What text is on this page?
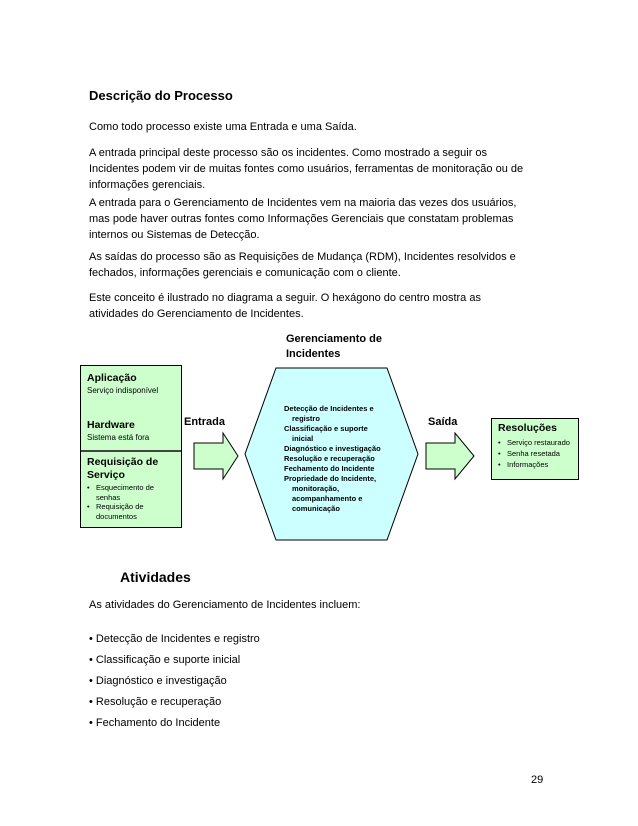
Descrição do Processo
Como todo processo existe uma Entrada e uma Saída.
A entrada principal deste processo são os incidentes. Como mostrado a seguir os
Incidentes podem vir de muitas fontes como usuários, ferramentas de monitoração ou de
informações gerenciais.
A entrada para o Gerenciamento de Incidentes vem na maioria das vezes dos usuários,
mas pode haver outras fontes como Informações Gerenciais que constatam problemas
internos ou Sistemas de Detecção.
As saídas do processo são as Requisições de Mudança (RDM), Incidentes resolvidos e
fechados, informações gerenciais e comunicação com o cliente.
Este conceito é ilustrado no diagrama a seguir. O hexágono do centro mostra as
atividades do Gerenciamento de Incidentes.
Gerenciamento de
Incidentes
Aplicação
Serviço indisponível
Hardware
Sistema está fora
Requisição de
Serviço
• Esquecimento de
senhas
• Requisição de
documentos
Entrada	Saída
Detecção de Incidentes e
registro
Classificação e suporte
inicial
Diagnóstico e investigação
Resolução e recuperação
Fechamento do Incidente
Propriedade do Incidente,
monitoração,
acompanhamento e
comunicação
Resoluções
• Serviço restaurado
• Senha resetada
• Informações
Atividades
As atividades do Gerenciamento de Incidentes incluem:
• Detecção de Incidentes e registro
• Classificação e suporte inicial
• Diagnóstico e investigação
• Resolução e recuperação
• Fechamento do Incidente
29
